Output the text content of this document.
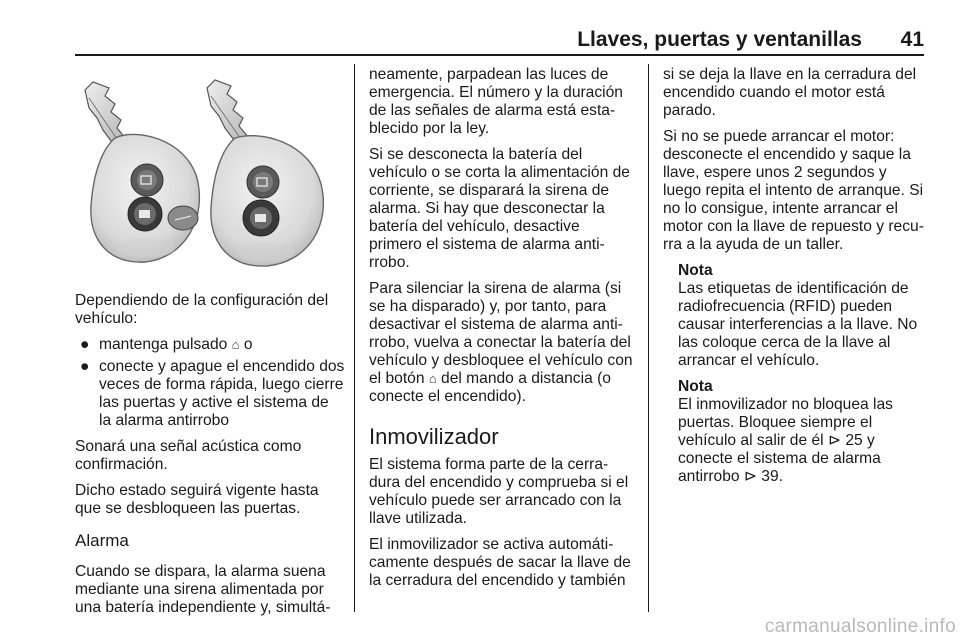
Llaves, puertas y ventanillas 41

Dependiendo de la configuración del vehículo:

● mantenga pulsado ⌂ o
● conecte y apague el encendido dos veces de forma rápida, luego cierre las puertas y active el sistema de la alarma antirrobo

Sonará una señal acústica como confirmación.

Dicho estado seguirá vigente hasta que se desbloqueen las puertas.

Alarma

Cuando se dispara, la alarma suena mediante una sirena alimentada por una batería independiente y, simultá-

neamente, parpadean las luces de emergencia. El número y la duración de las señales de alarma está esta-blecido por la ley.

Si se desconecta la batería del vehículo o se corta la alimentación de corriente, se disparará la sirena de alarma. Si hay que desconectar la batería del vehículo, desactive primero el sistema de alarma anti-rrobo.

Para silenciar la sirena de alarma (si se ha disparado) y, por tanto, para desactivar el sistema de alarma anti-rrobo, vuelva a conectar la batería del vehículo y desbloquee el vehículo con el botón ⌂ del mando a distancia (o conecte el encendido).

Inmovilizador

El sistema forma parte de la cerra-dura del encendido y comprueba si el vehículo puede ser arrancado con la llave utilizada.

El inmovilizador se activa automáti-camente después de sacar la llave de la cerradura del encendido y también

si se deja la llave en la cerradura del encendido cuando el motor está parado.

Si no se puede arrancar el motor: desconecte el encendido y saque la llave, espere unos 2 segundos y luego repita el intento de arranque. Si no lo consigue, intente arrancar el motor con la llave de repuesto y recu-rra a la ayuda de un taller.

Nota
Las etiquetas de identificación de radiofrecuencia (RFID) pueden causar interferencias a la llave. No las coloque cerca de la llave al arrancar el vehículo.
Nota
El inmovilizador no bloquea las puertas. Bloquee siempre el vehículo al salir de él ⊳ 25 y conecte el sistema de alarma antirrobo ⊳ 39.
carmanualsonline.info
